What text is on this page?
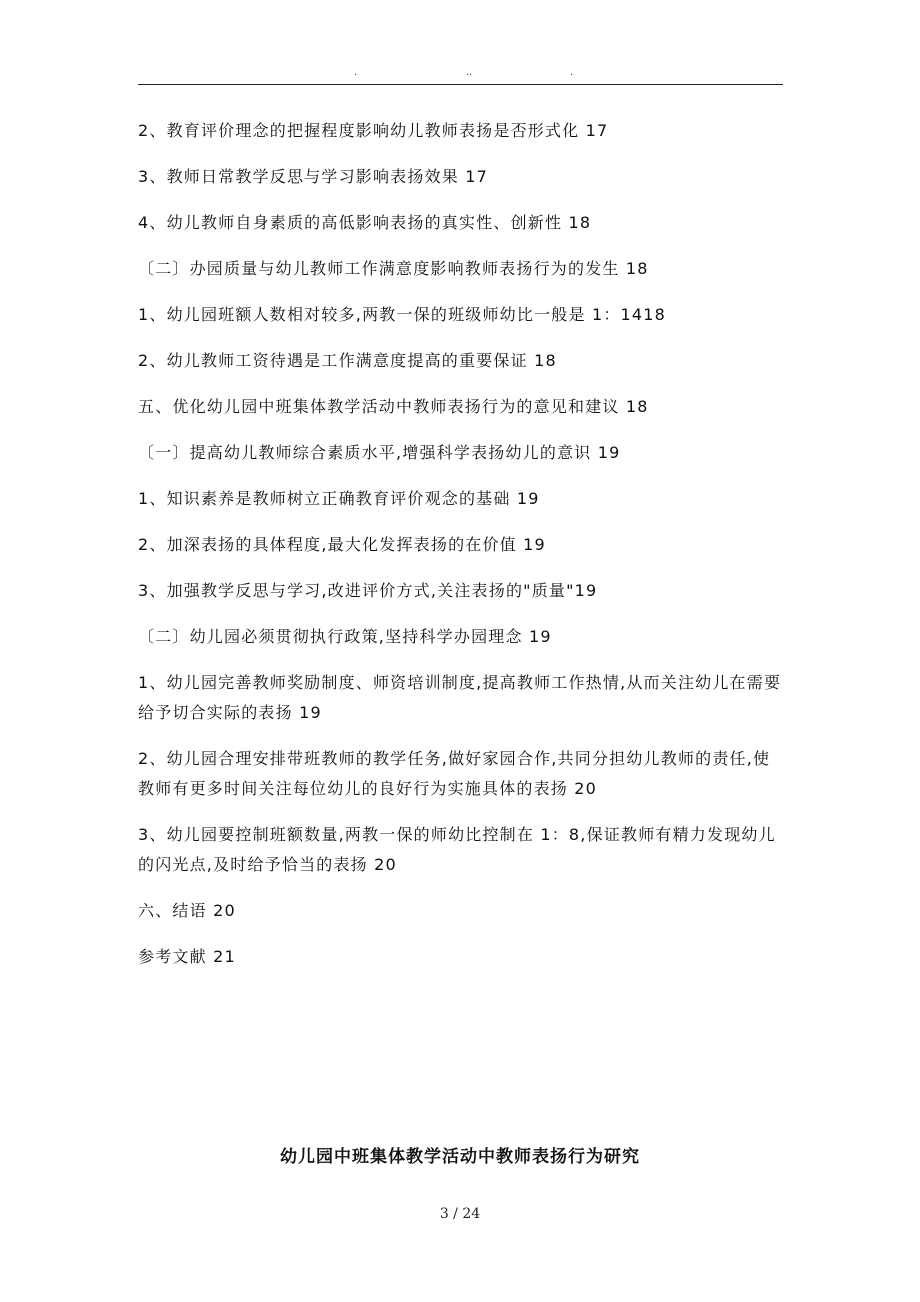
.	..	.

2、教育评价理念的把握程度影响幼儿教师表扬是否形式化 17

3、教师日常教学反思与学习影响表扬效果 17

4、幼儿教师自身素质的高低影响表扬的真实性、创新性 18

〔二〕办园质量与幼儿教师工作满意度影响教师表扬行为的发生 18

1、幼儿园班额人数相对较多,两教一保的班级师幼比一般是 1：1418

2、幼儿教师工资待遇是工作满意度提高的重要保证 18

五、优化幼儿园中班集体教学活动中教师表扬行为的意见和建议 18

〔一〕提高幼儿教师综合素质水平,增强科学表扬幼儿的意识 19

1、知识素养是教师树立正确教育评价观念的基础 19

2、加深表扬的具体程度,最大化发挥表扬的在价值 19

3、加强教学反思与学习,改进评价方式,关注表扬的"质量"19

〔二〕幼儿园必须贯彻执行政策,坚持科学办园理念 19

1、幼儿园完善教师奖励制度、师资培训制度,提高教师工作热情,从而关注幼儿在需要给予切合实际的表扬 19

2、幼儿园合理安排带班教师的教学任务,做好家园合作,共同分担幼儿教师的责任,使教师有更多时间关注每位幼儿的良好行为实施具体的表扬 20

3、幼儿园要控制班额数量,两教一保的师幼比控制在 1：8,保证教师有精力发现幼儿的闪光点,及时给予恰当的表扬 20

六、结语 20

参考文献 21

幼儿园中班集体教学活动中教师表扬行为研究
3 / 24
